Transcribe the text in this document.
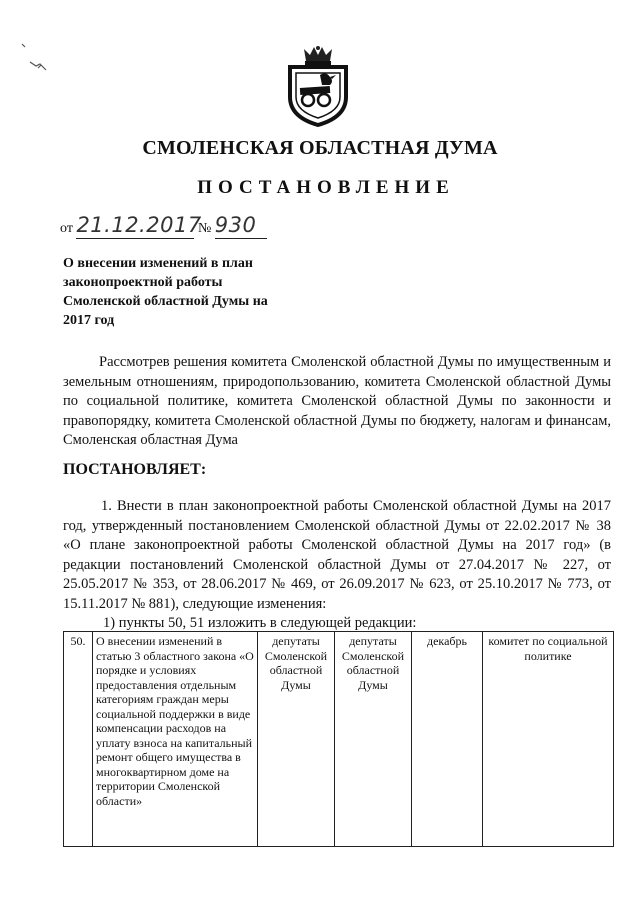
СМОЛЕНСКАЯ ОБЛАСТНАЯ ДУМА
ПОСТАНОВЛЕНИЕ
от 21.12.2017 № 930
О внесении изменений в план законопроектной работы Смоленской областной Думы на 2017 год
Рассмотрев решения комитета Смоленской областной Думы по имущественным и земельным отношениям, природопользованию, комитета Смоленской областной Думы по социальной политике, комитета Смоленской областной Думы по законности и правопорядку, комитета Смоленской областной Думы по бюджету, налогам и финансам, Смоленская областная Дума
ПОСТАНОВЛЯЕТ:
1. Внести в план законопроектной работы Смоленской областной Думы на 2017 год, утвержденный постановлением Смоленской областной Думы от 22.02.2017 № 38 «О плане законопроектной работы Смоленской областной Думы на 2017 год» (в редакции постановлений Смоленской областной Думы от 27.04.2017 № 227, от 25.05.2017 № 353, от 28.06.2017 № 469, от 26.09.2017 № 623, от 25.10.2017 № 773, от 15.11.2017 № 881), следующие изменения:
1) пункты 50, 51 изложить в следующей редакции:
50.	О внесении изменений в статью 3 областного закона «О порядке и условиях предоставления отдельным категориям граждан меры социальной поддержки в виде компенсации расходов на уплату взноса на капитальный ремонт общего имущества в многоквартирном доме на территории Смоленской области»	депутаты Смоленской областной Думы	депутаты Смоленской областной Думы	декабрь	комитет по социальной политике
